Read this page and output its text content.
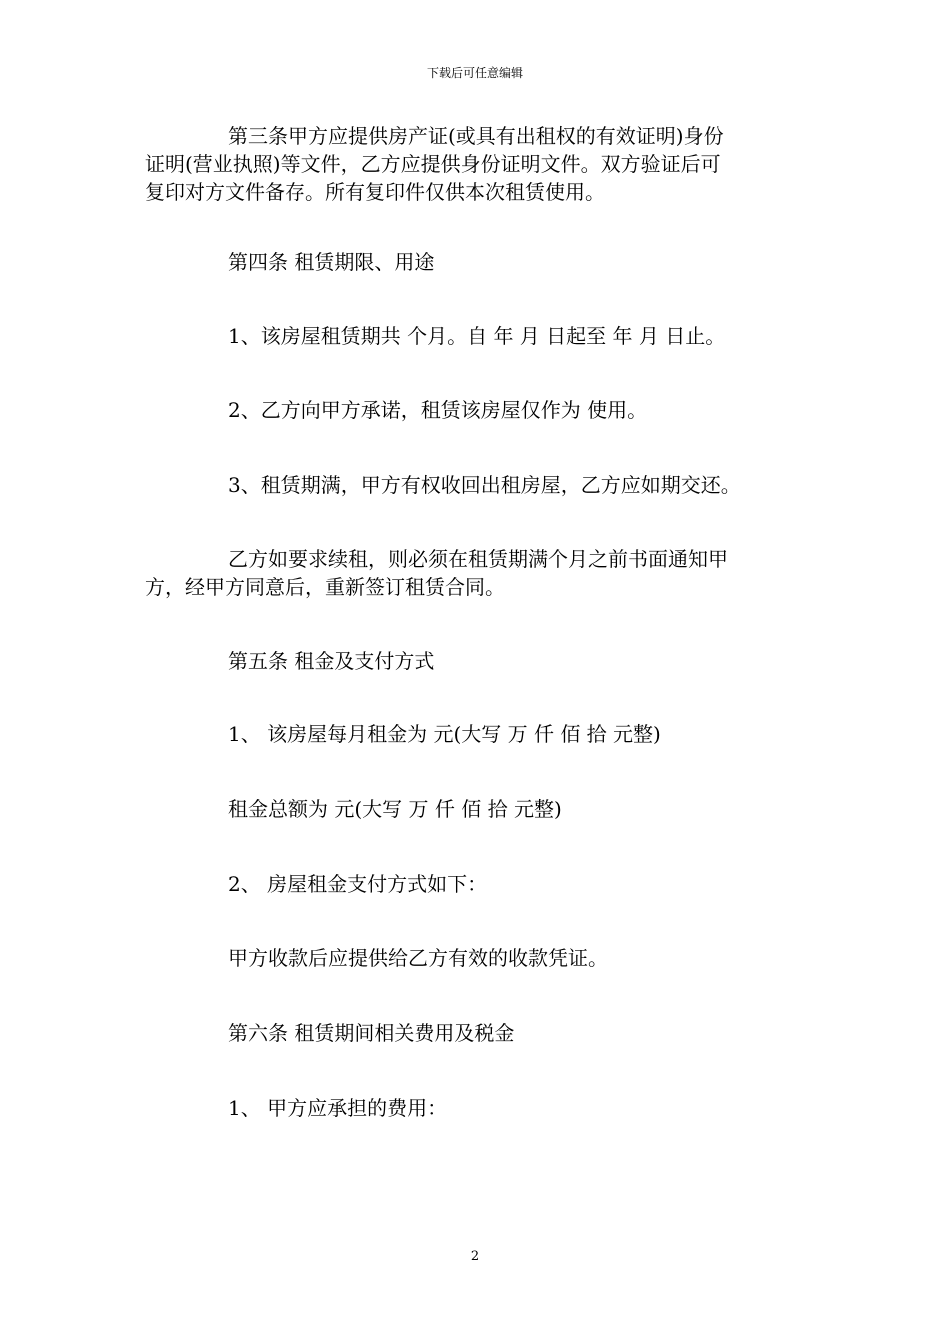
下载后可任意编辑
第三条甲方应提供房产证(或具有出租权的有效证明)身份
证明(营业执照)等文件，乙方应提供身份证明文件。双方验证后可
复印对方文件备存。所有复印件仅供本次租赁使用。
第四条 租赁期限、用途
1、该房屋租赁期共 个月。自 年 月 日起至 年 月 日止。
2、乙方向甲方承诺，租赁该房屋仅作为 使用。
3、租赁期满，甲方有权收回出租房屋，乙方应如期交还。
乙方如要求续租，则必须在租赁期满个月之前书面通知甲
方，经甲方同意后，重新签订租赁合同。
第五条 租金及支付方式
1、 该房屋每月租金为 元(大写 万 仟 佰 拾 元整)
租金总额为 元(大写 万 仟 佰 拾 元整)
2、 房屋租金支付方式如下：
甲方收款后应提供给乙方有效的收款凭证。
第六条 租赁期间相关费用及税金
1、 甲方应承担的费用：
2
